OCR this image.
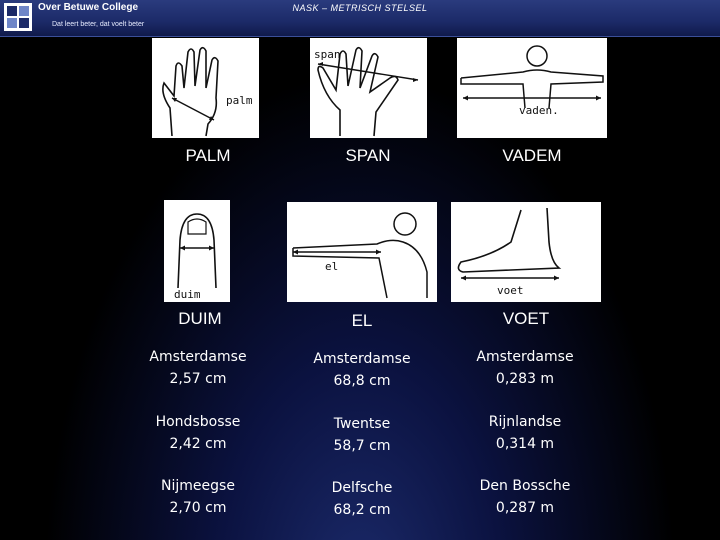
Over Betuwe College
Dat leert beter, dat voelt beter
NASK – METRISCH STELSEL
palm
PALM
span
SPAN
vaden.
VADEM
duim
DUIM
el
EL
voet
VOET
Amsterdamse
2,57 cm
Amsterdamse
68,8 cm
Amsterdamse
0,283 m
Hondsbosse
2,42 cm
Twentse
58,7 cm
Rijnlandse
0,314 m
Nijmeegse
2,70 cm
Delfsche
68,2 cm
Den Bossche
0,287 m
